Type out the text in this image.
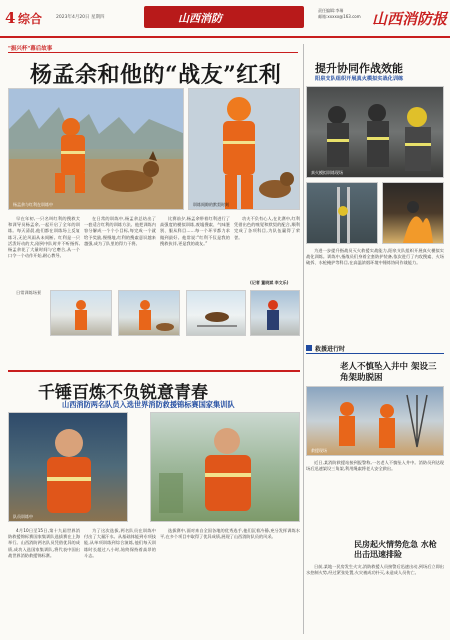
4 综合	2023年4月20日 星期四	山西消防
责任编辑:李瑞
邮箱:xxxxx@163.com 山西消防报
"振兴杯"幕后故事
杨孟余和他的“战友”红利
杨孟余与红利在训练中	训练间隙的默契时刻

早在年初,一只名叫红利的搜救犬和训导员杨孟余,一起开启了全年的训练。每天清晨,他们都在训练场上反复练习,无论风雨从未间断。红利是一只活泼好动的犬,刚到中队时并不听指挥,杨孟余花了大量时间与它磨合,从一个口令一个动作开始,耐心教导。

在日常的训练中,杨孟余总结出了一套适合红利的训练方法。他把训练内容分解成一个个小目标,每完成一个就给予奖励,慢慢地,红利的搜索意识越来越强,成为了队里的得力干将。

比赛前夕,杨孟余带着红利进行了高强度的模拟训练,废墟搜索、气味鉴别、服从科目……每一个环节都力求做到最好。他常说:“红利不仅是我的搜救伙伴,更是我的战友。”

功夫不负有心人,在比赛中,红利凭借出色的嗅觉和默契的配合,顺利完成了各项科目,为队伍赢得了荣誉。

(记者 董晓斌 李文乐)

日常训练场景

千锤百炼不负锐意青春
山西消防两名队员入选世界消防救援锦标赛国家集训队
队员训练中

4月10日至15日,第十九届世界消防救援锦标赛国家集训队选拔赛在上海举行。山西消防两名队员凭借优异的成绩,成功入选国家集训队,将代表中国出战世界消防救援锦标赛。

为了这次选拔,两名队员在训练中付出了大量汗水。从基础体能到专项技能,从单项训练到综合演练,他们每天训练时长超过八小时,始终保持着高昂的斗志。

选拔赛中,面对来自全国各地的优秀选手,他们沉着冷静,充分发挥训练水平,在多个项目中取得了优异成绩,展现了山西消防队员的风采。

提升协同作战效能
阳泉支队组织开展真火模拟实战化训练
真火模拟训练现场

为进一步提升指战员灭火救援实战能力,阳泉支队组织开展真火模拟实战化训练。训练中,指战员们身着全套防护装备,依次进行了内攻搜索、火场破拆、水枪掩护等科目,在高温浓烟环境中锤炼协同作战能力。

救援进行时
老人不慎坠入井中 架设三角架助脱困
救援现场

近日,某消防救援站接到报警称,一名老人不慎坠入井中。消防员到达现场后迅速架设三角架,利用绳索将老人安全救出。

民房起火情势危急 水枪出击迅速排险

日前,某地一民房发生火灾,消防救援人员接警后迅速出动,到场后立即出水控制火势,经过紧张处置,火灾被成功扑灭,未造成人员伤亡。
